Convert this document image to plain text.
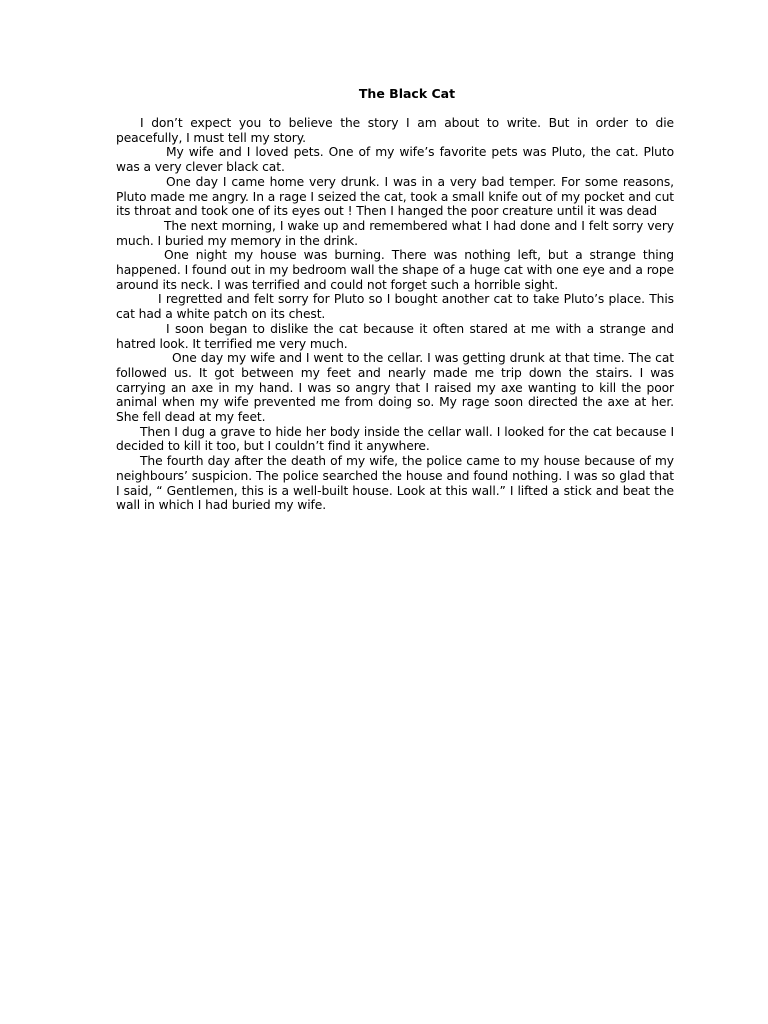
The Black Cat

I don’t expect you to believe the story I am about to write. But in order to die peacefully, I must tell my story.

My wife and I loved pets. One of my wife’s favorite pets was Pluto, the cat. Pluto was a very clever black cat.

One day I came home very drunk. I was in a very bad temper. For some reasons, Pluto made me angry. In a rage I seized the cat, took a small knife out of my pocket and cut its throat and took one of its eyes out ! Then I hanged the poor creature until it was dead

The next morning, I wake up and remembered what I had done and I felt sorry very much. I buried my memory in the drink.

One night my house was burning. There was nothing left, but a strange thing happened. I found out in my bedroom wall the shape of a huge cat with one eye and a rope around its neck. I was terrified and could not forget such a horrible sight.

I regretted and felt sorry for Pluto so I bought another cat to take Pluto’s place. This cat had a white patch on its chest.

I soon began to dislike the cat because it often stared at me with a strange and hatred look. It terrified me very much.

One day my wife and I went to the cellar. I was getting drunk at that time. The cat followed us. It got between my feet and nearly made me trip down the stairs. I was carrying an axe in my hand. I was so angry that I raised my axe wanting to kill the poor animal when my wife prevented me from doing so. My rage soon directed the axe at her. She fell dead at my feet.

Then I dug a grave to hide her body inside the cellar wall. I looked for the cat because I decided to kill it too, but I couldn’t find it anywhere.

The fourth day after the death of my wife, the police came to my house because of my neighbours’ suspicion. The police searched the house and found nothing. I was so glad that I said, “ Gentlemen, this is a well-built house. Look at this wall.” I lifted a stick and beat the wall in which I had buried my wife.
